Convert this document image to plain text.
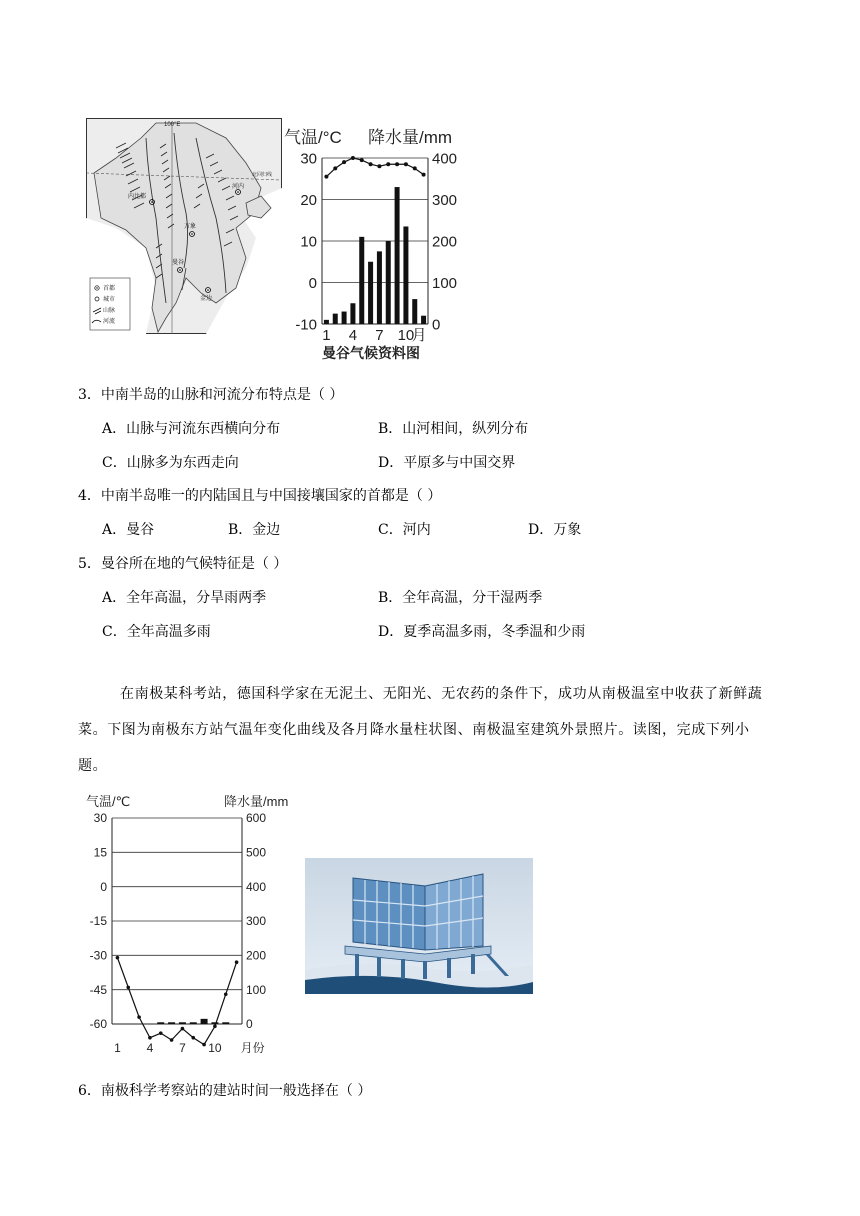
100°E
北回归线
内比都
河内
曼谷
万象
金边
首都
城市
山脉
河流
气温/°C 降水量/mm
30
20
10
0
-10
400
300
200
100
0
1 4 7 10
月
曼谷气候资料图
3．中南半岛的山脉和河流分布特点是（ ）
A．山脉与河流东西横向分布	B．山河相间，纵列分布
C．山脉多为东西走向	D．平原多与中国交界
4．中南半岛唯一的内陆国且与中国接壤国家的首都是（ ）
A．曼谷	B．金边	C．河内	D．万象
5．曼谷所在地的气候特征是（ ）
A．全年高温，分旱雨两季	B．全年高温，分干湿两季
C．全年高温多雨	D．夏季高温多雨，冬季温和少雨
在南极某科考站，德国科学家在无泥土、无阳光、无农药的条件下，成功从南极温室中收获了新鲜蔬
菜。下图为南极东方站气温年变化曲线及各月降水量柱状图、南极温室建筑外景照片。读图，完成下列小
题。
气温/℃	降水量/mm
30
15
0
-15
-30
-45
-60
600
500
400
300
200
100
0
1 4 7 10 月份
6．南极科学考察站的建站时间一般选择在（ ）
